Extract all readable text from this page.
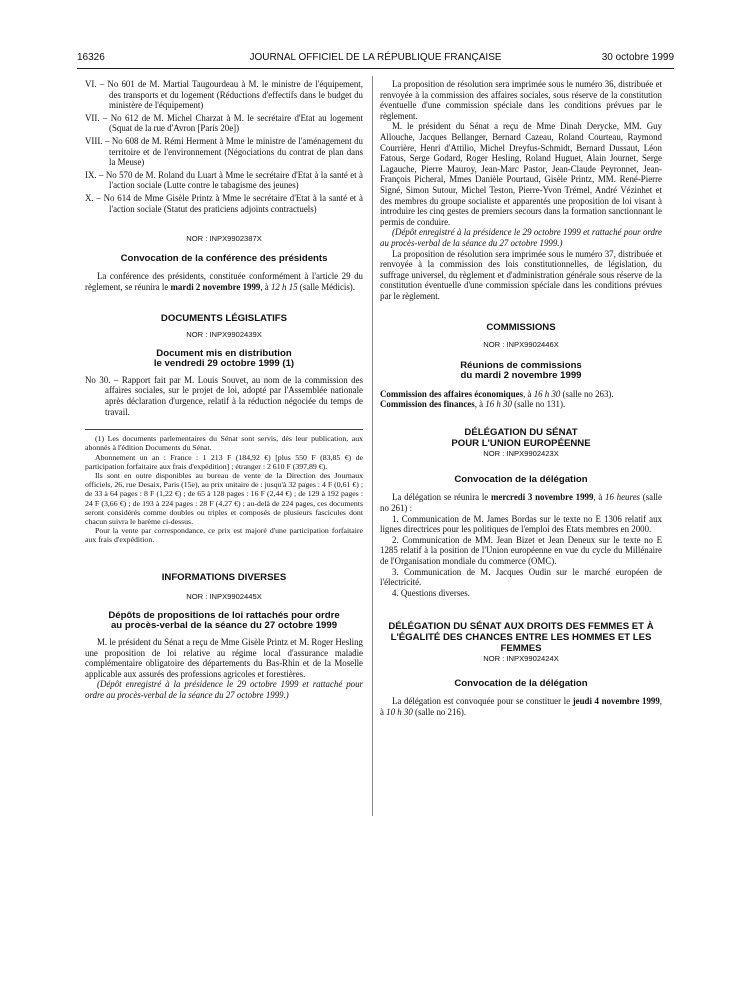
16326	JOURNAL OFFICIEL DE LA RÉPUBLIQUE FRANÇAISE	30 octobre 1999

VI. – No 601 de M. Martial Taugourdeau à M. le ministre de l'équipement, des transports et du logement (Réductions d'effectifs dans le budget du ministère de l'équipement)

VII. – No 612 de M. Michel Charzat à M. le secrétaire d'Etat au logement (Squat de la rue d'Avron [Paris 20e])

VIII. – No 608 de M. Rémi Herment à Mme le ministre de l'aménagement du territoire et de l'environnement (Négociations du contrat de plan dans la Meuse)

IX. – No 570 de M. Roland du Luart à Mme le secrétaire d'Etat à la santé et à l'action sociale (Lutte contre le tabagisme des jeunes)

X. – No 614 de Mme Gisèle Printz à Mme le secrétaire d'Etat à la santé et à l'action sociale (Statut des praticiens adjoints contractuels)

NOR : INPX9902387X

Convocation de la conférence des présidents

La conférence des présidents, constituée conformément à l'article 29 du règlement, se réunira le mardi 2 novembre 1999, à 12 h 15 (salle Médicis).

DOCUMENTS LÉGISLATIFS

NOR : INPX9902439X

Document mis en distribution

le vendredi 29 octobre 1999 (1)

No 30. – Rapport fait par M. Louis Souvet, au nom de la commission des affaires sociales, sur le projet de loi, adopté par l'Assemblée nationale après déclaration d'urgence, relatif à la réduction négociée du temps de travail.

(1) Les documents parlementaires du Sénat sont servis, dès leur publication, aux abonnés à l'édition Documents du Sénat.

Abonnement un an : France : 1 213 F (184,92 €) [plus 550 F (83,85 €) de participation forfaitaire aux frais d'expédition] ; étranger : 2 610 F (397,89 €).

Ils sont en outre disponibles au bureau de vente de la Direction des Journaux officiels, 26, rue Desaix, Paris (15e), au prix unitaire de : jusqu'à 32 pages : 4 F (0,61 €) ; de 33 à 64 pages : 8 F (1,22 €) ; de 65 à 128 pages : 16 F (2,44 €) ; de 129 à 192 pages : 24 F (3,66 €) ; de 193 à 224 pages : 28 F (4,27 €) ; au-delà de 224 pages, ces documents seront considérés comme doubles ou triples et composés de plusieurs fascicules dont chacun suivra le barème ci-dessus.

Pour la vente par correspondance, ce prix est majoré d'une participation forfaitaire aux frais d'expédition.

INFORMATIONS DIVERSES

NOR : INPX9902445X

Dépôts de propositions de loi rattachés pour ordre

au procès-verbal de la séance du 27 octobre 1999

M. le président du Sénat a reçu de Mme Gisèle Printz et M. Roger Hesling une proposition de loi relative au régime local d'assurance maladie complémentaire obligatoire des départements du Bas-Rhin et de la Moselle applicable aux assurés des professions agricoles et forestières.

(Dépôt enregistré à la présidence le 29 octobre 1999 et rattaché pour ordre au procès-verbal de la séance du 27 octobre 1999.)

La proposition de résolution sera imprimée sous le numéro 36, distribuée et renvoyée à la commission des affaires sociales, sous réserve de la constitution éventuelle d'une commission spéciale dans les conditions prévues par le règlement.

M. le président du Sénat a reçu de Mme Dinah Derycke, MM. Guy Allouche, Jacques Bellanger, Bernard Cazeau, Roland Courteau, Raymond Courrière, Henri d'Attilio, Michel Dreyfus-Schmidt, Bernard Dussaut, Léon Fatous, Serge Godard, Roger Hesling, Roland Huguet, Alain Journet, Serge Lagauche, Pierre Mauroy, Jean-Marc Pastor, Jean-Claude Peyronnet, Jean-François Picheral, Mmes Danièle Pourtaud, Gisèle Printz, MM. René-Pierre Signé, Simon Sutour, Michel Teston, Pierre-Yvon Trémel, André Vézinhet et des membres du groupe socialiste et apparentés une proposition de loi visant à introduire les cinq gestes de premiers secours dans la formation sanctionnant le permis de conduire.

(Dépôt enregistré à la présidence le 29 octobre 1999 et rattaché pour ordre au procès-verbal de la séance du 27 octobre 1999.)

La proposition de résolution sera imprimée sous le numéro 37, distribuée et renvoyée à la commission des lois constitutionnelles, de législation, du suffrage universel, du règlement et d'administration générale sous réserve de la constitution éventuelle d'une commission spéciale dans les conditions prévues par le règlement.

COMMISSIONS

NOR : INPX9902446X

Réunions de commissions

du mardi 2 novembre 1999

Commission des affaires économiques, à 16 h 30 (salle no 263).

Commission des finances, à 16 h 30 (salle no 131).

DÉLÉGATION DU SÉNAT

POUR L'UNION EUROPÉENNE

NOR : INPX9902423X

Convocation de la délégation

La délégation se réunira le mercredi 3 novembre 1999, à 16 heures (salle no 261) :

1. Communication de M. James Bordas sur le texte no E 1306 relatif aux lignes directrices pour les politiques de l'emploi des Etats membres en 2000.

2. Communication de MM. Jean Bizet et Jean Deneux sur le texte no E 1285 relatif à la position de l'Union européenne en vue du cycle du Millénaire de l'Organisation mondiale du commerce (OMC).

3. Communication de M. Jacques Oudin sur le marché européen de l'électricité.

4. Questions diverses.

DÉLÉGATION DU SÉNAT AUX DROITS DES FEMMES ET À L'ÉGALITÉ DES CHANCES ENTRE LES HOMMES ET LES FEMMES

NOR : INPX9902424X

Convocation de la délégation

La délégation est convoquée pour se constituer le jeudi 4 novembre 1999, à 10 h 30 (salle no 216).
